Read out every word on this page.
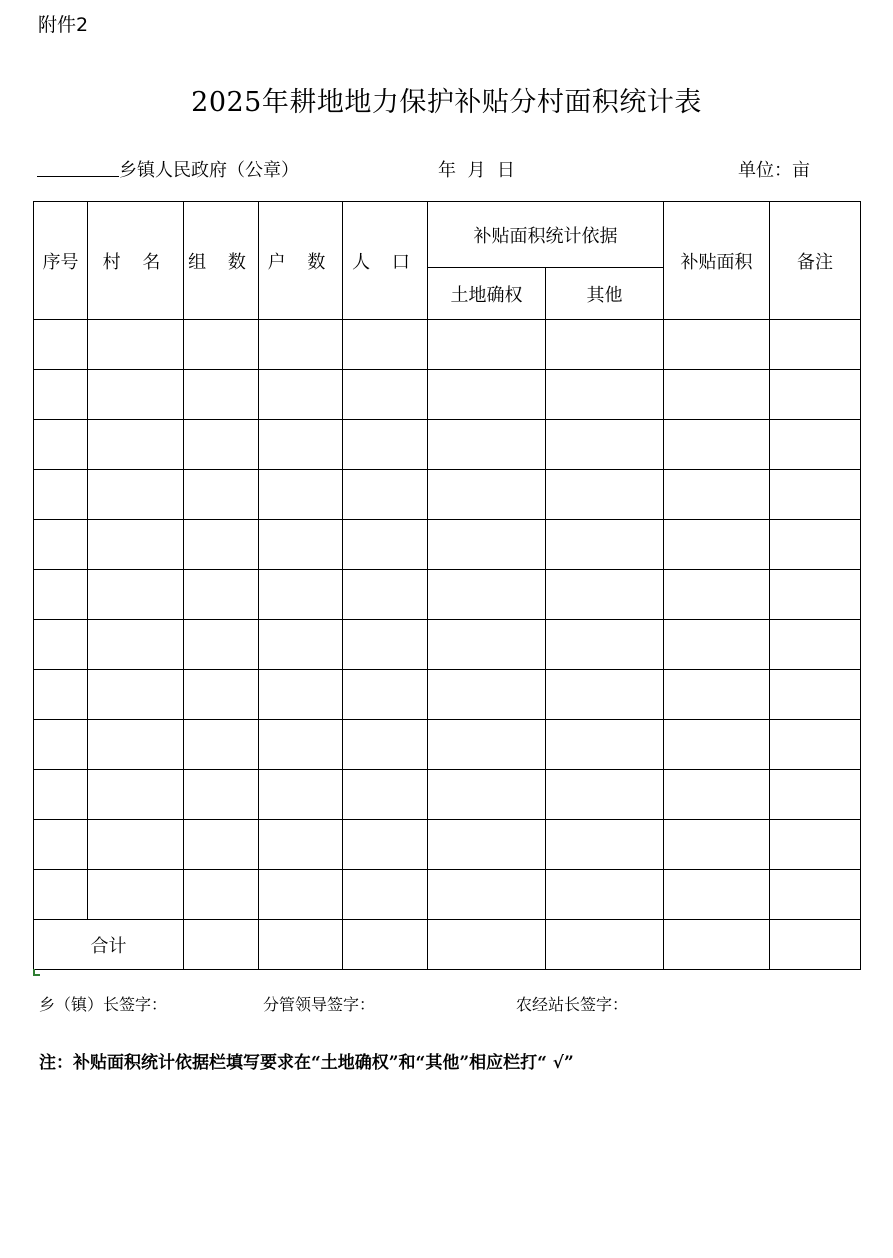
附件2
2025年耕地地力保护补贴分村面积统计表
乡镇人民政府（公章）	年  月  日	单位：亩
序号	村 名	组 数	户 数	人 口	补贴面积统计依据		补贴面积	备注
					土地确权	其他		

合计								
乡（镇）长签字：	分管领导签字：	农经站长签字：
注：补贴面积统计依据栏填写要求在“土地确权”和“其他”相应栏打“ √”
